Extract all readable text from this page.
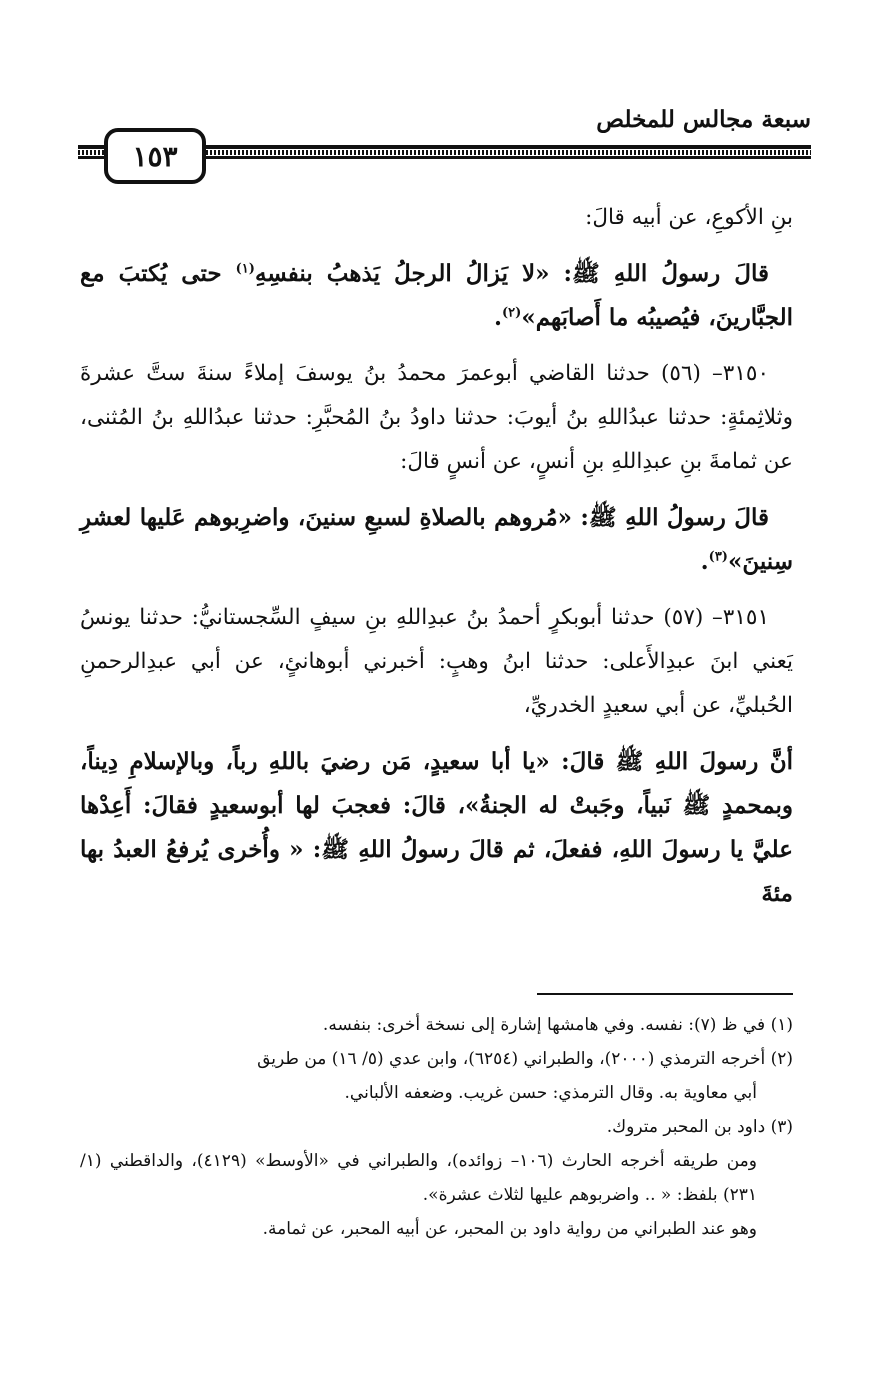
سبعة مجالس للمخلص
١٥٣

بنِ الأكوعِ، عن أبيه قالَ:

قالَ رسولُ اللهِ ﷺ: «لا يَزالُ الرجلُ يَذهبُ بنفسِهِ$^{(١)}$ حتى يُكتبَ مع الجبَّارينَ، فيُصيبُه ما أَصابَهم»$^{(٢)}$.

٣١٥٠– (٥٦) حدثنا القاضي أبوعمرَ محمدُ بنُ يوسفَ إملاءً سنةَ ستَّ عشرةَ وثلاثِمئةٍ: حدثنا عبدُاللهِ بنُ أيوبَ: حدثنا داودُ بنُ المُحبَّرِ: حدثنا عبدُاللهِ بنُ المُثنى، عن ثمامةَ بنِ عبدِاللهِ بنِ أنسٍ، عن أنسٍ قالَ:

قالَ رسولُ اللهِ ﷺ: «مُروهم بالصلاةِ لسبعِ سنينَ، واضرِبوهم عَليها لعشرِ سِنينَ»$^{(٣)}$.

٣١٥١– (٥٧) حدثنا أبوبكرٍ أحمدُ بنُ عبدِاللهِ بنِ سيفٍ السِّجستانيُّ: حدثنا يونسُ يَعني ابنَ عبدِالأَعلى: حدثنا ابنُ وهبٍ: أخبرني أبوهانئٍ، عن أبي عبدِالرحمنِ الحُبليِّ، عن أبي سعيدٍ الخدريِّ،

أنَّ رسولَ اللهِ ﷺ قالَ: «يا أبا سعيدٍ، مَن رضيَ باللهِ رباً، وبالإسلامِ دِيناً، وبمحمدٍ ﷺ نَبياً، وجَبتْ له الجنةُ»، قالَ: فعجبَ لها أبوسعيدٍ فقالَ: أَعِدْها عليَّ يا رسولَ اللهِ، ففعلَ، ثم قالَ رسولُ اللهِ ﷺ: « وأُخرى يُرفعُ العبدُ بها مئةَ

(١) في ظ (٧): نفسه. وفي هامشها إشارة إلى نسخة أخرى: بنفسه.

(٢) أخرجه الترمذي (٢٠٠٠)، والطبراني (٦٢٥٤)، وابن عدي (٥/ ١٦) من طريق

أبي معاوية به. وقال الترمذي: حسن غريب. وضعفه الألباني.

(٣) داود بن المحبر متروك.

ومن طريقه أخرجه الحارث (١٠٦– زوائده)، والطبراني في «الأوسط» (٤١٢٩)، والداقطني (١/ ٢٣١) بلفظ: « .. واضربوهم عليها لثلاث عشرة».

وهو عند الطبراني من رواية داود بن المحبر، عن أبيه المحبر، عن ثمامة.
